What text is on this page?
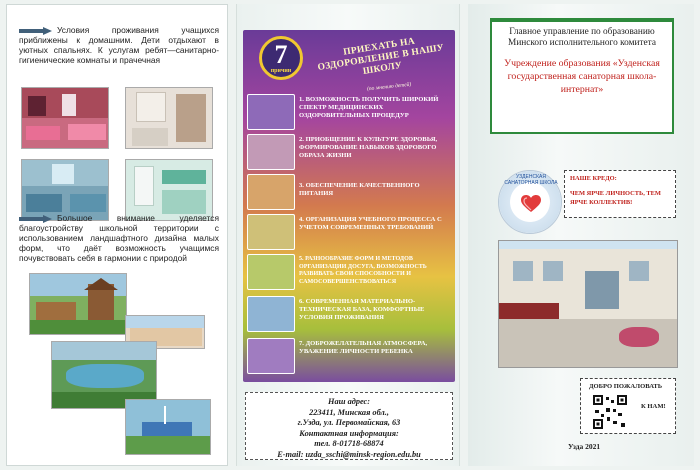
Условия проживания учащихся приближены к домашним. Дети отдыхают в уютных спальнях. К услугам ребят—санитарно-гигиенические комнаты и прачечная
Большое внимание уделяется благоустройству школьной территории с использованием ландшафтного дизайна малых форм, что даёт возможность учащимся почувствовать себя в гармонии с природой
7
причин
ПРИЕХАТЬ НА ОЗДОРОВЛЕНИЕ В НАШУ ШКОЛУ
(по мнению детей)
1. ВОЗМОЖНОСТЬ ПОЛУЧИТЬ ШИРОКИЙ СПЕКТР МЕДИЦИНСКИХ ОЗДОРОВИТЕЛЬНЫХ ПРОЦЕДУР
2. ПРИОБЩЕНИЕ К КУЛЬТУРЕ ЗДОРОВЬЯ, ФОРМИРОВАНИЕ НАВЫКОВ ЗДОРОВОГО ОБРАЗА ЖИЗНИ
3. ОБЕСПЕЧЕНИЕ КАЧЕСТВЕННОГО ПИТАНИЯ
4. ОРГАНИЗАЦИЯ УЧЕБНОГО ПРОЦЕССА С УЧЕТОМ СОВРЕМЕННЫХ ТРЕБОВАНИЙ
5. РАЗНООБРАЗИЕ ФОРМ И МЕТОДОВ ОРГАНИЗАЦИИ ДОСУГА, ВОЗМОЖНОСТЬ РАЗВИВАТЬ СВОИ СПОСОБНОСТИ И САМОСОВЕРШЕНСТВОВАТЬСЯ
6. СОВРЕМЕННАЯ МАТЕРИАЛЬНО-ТЕХНИЧЕСКАЯ БАЗА, КОМФОРТНЫЕ УСЛОВИЯ ПРОЖИВАНИЯ
7. ДОБРОЖЕЛАТЕЛЬНАЯ АТМОСФЕРА, УВАЖЕНИЕ ЛИЧНОСТИ РЕБЕНКА
Наш адрес:
223411, Минская обл.,
г.Узда, ул. Первомайская, 63
Контактная информация:
тел. 8-01718-68874
E-mail: uzda_sschi@minsk-region.edu.bu
Главное управление по образованию Минского исполнительного комитета
Учреждение образования «Узденская государственная санаторная школа-интернат»
УЗДЕНСКАЯ САНАТОРНАЯ ШКОЛА
НАШЕ КРЕДО:
ЧЕМ ЯРЧЕ ЛИЧНОСТЬ, ТЕМ ЯРЧЕ КОЛЛЕКТИВ!
ДОБРО ПОЖАЛОВАТЬ
К НАМ!
Узда 2021
